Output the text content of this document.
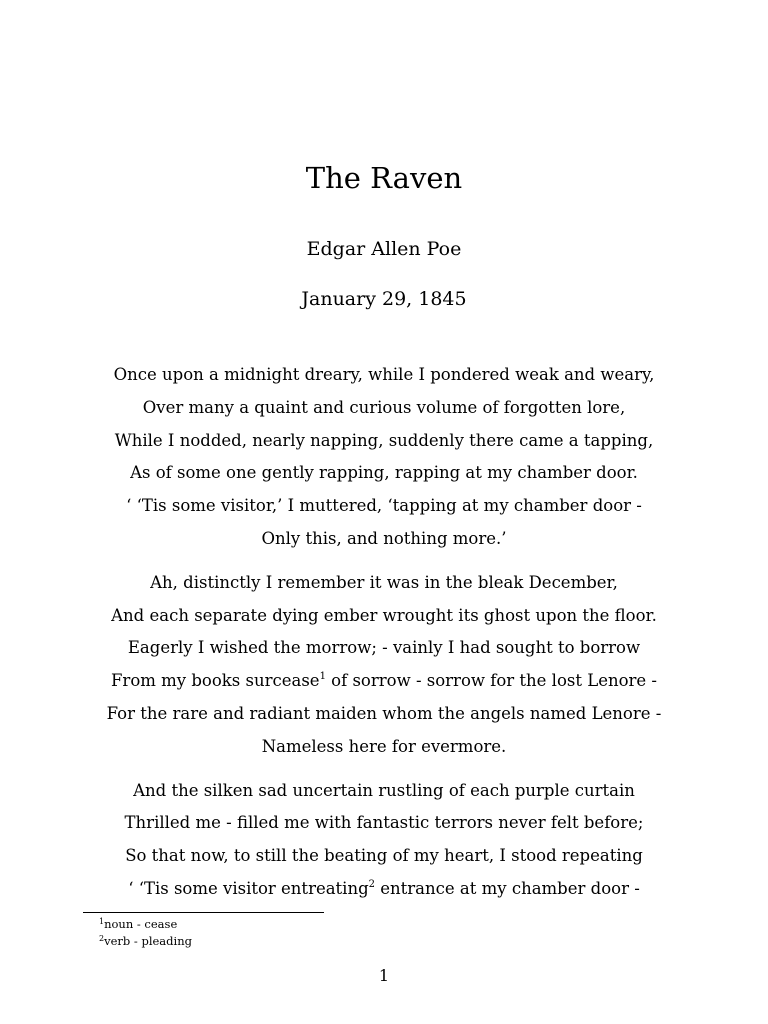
The Raven
Edgar Allen Poe
January 29, 1845
Once upon a midnight dreary, while I pondered weak and weary,
Over many a quaint and curious volume of forgotten lore,
While I nodded, nearly napping, suddenly there came a tapping,
As of some one gently rapping, rapping at my chamber door.
‘ ‘Tis some visitor,’ I muttered, ‘tapping at my chamber door -
Only this, and nothing more.’
Ah, distinctly I remember it was in the bleak December,
And each separate dying ember wrought its ghost upon the floor.
Eagerly I wished the morrow; - vainly I had sought to borrow
From my books surcease$^1$ of sorrow - sorrow for the lost Lenore -
For the rare and radiant maiden whom the angels named Lenore -
Nameless here for evermore.
And the silken sad uncertain rustling of each purple curtain
Thrilled me - filled me with fantastic terrors never felt before;
So that now, to still the beating of my heart, I stood repeating
‘ ‘Tis some visitor entreating$^2$ entrance at my chamber door -
$^1$noun - cease
$^2$verb - pleading
1
